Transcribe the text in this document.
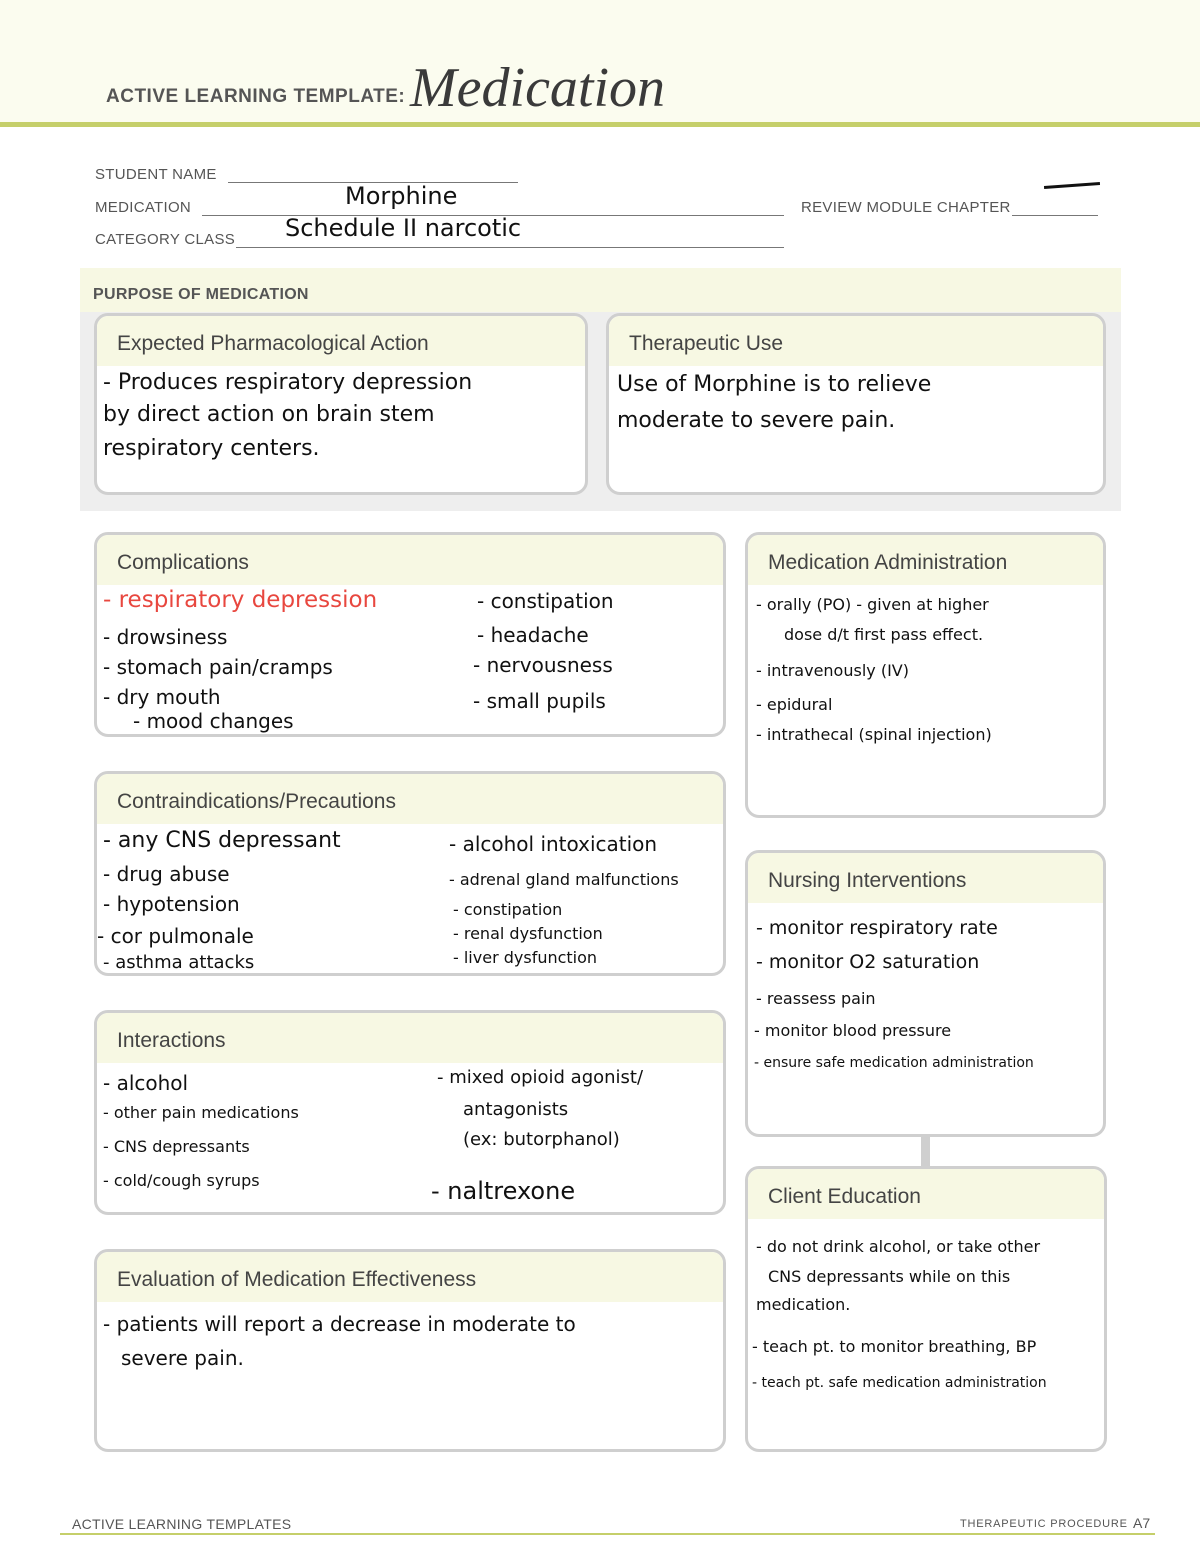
ACTIVE LEARNING TEMPLATE: Medication
STUDENT NAME
MEDICATION	Morphine
CATEGORY CLASS Schedule II narcotic
REVIEW MODULE CHAPTER
PURPOSE OF MEDICATION
Expected Pharmacological Action
- Produces respiratory depression
by direct action on brain stem
respiratory centers.
Therapeutic Use
Use of Morphine is to relieve
moderate to severe pain.
Complications
- respiratory depression
- drowsiness
- stomach pain/cramps
- dry mouth
- mood changes
- constipation
- headache
- nervousness
- small pupils
Medication Administration
- orally (PO) - given at higher
dose d/t first pass effect.
- intravenously (IV)
- epidural
- intrathecal (spinal injection)
Contraindications/Precautions
- any CNS depressant
- drug abuse
- hypotension
- cor pulmonale
- asthma attacks
- alcohol intoxication
- adrenal gland malfunctions
- constipation
- renal dysfunction
- liver dysfunction
Nursing Interventions
- monitor respiratory rate
- monitor O2 saturation
- reassess pain
- monitor blood pressure
- ensure safe medication administration
Interactions
- alcohol
- other pain medications
- CNS depressants
- cold/cough syrups
- mixed opioid agonist/
antagonists
(ex: butorphanol)
- naltrexone	Client Education
- do not drink alcohol, or take other
CNS depressants while on this
medication.
- teach pt. to monitor breathing, BP
- teach pt. safe medication administration
Evaluation of Medication Effectiveness
- patients will report a decrease in moderate to
severe pain.
ACTIVE LEARNING TEMPLATES	THERAPEUTIC PROCEDURE A7
